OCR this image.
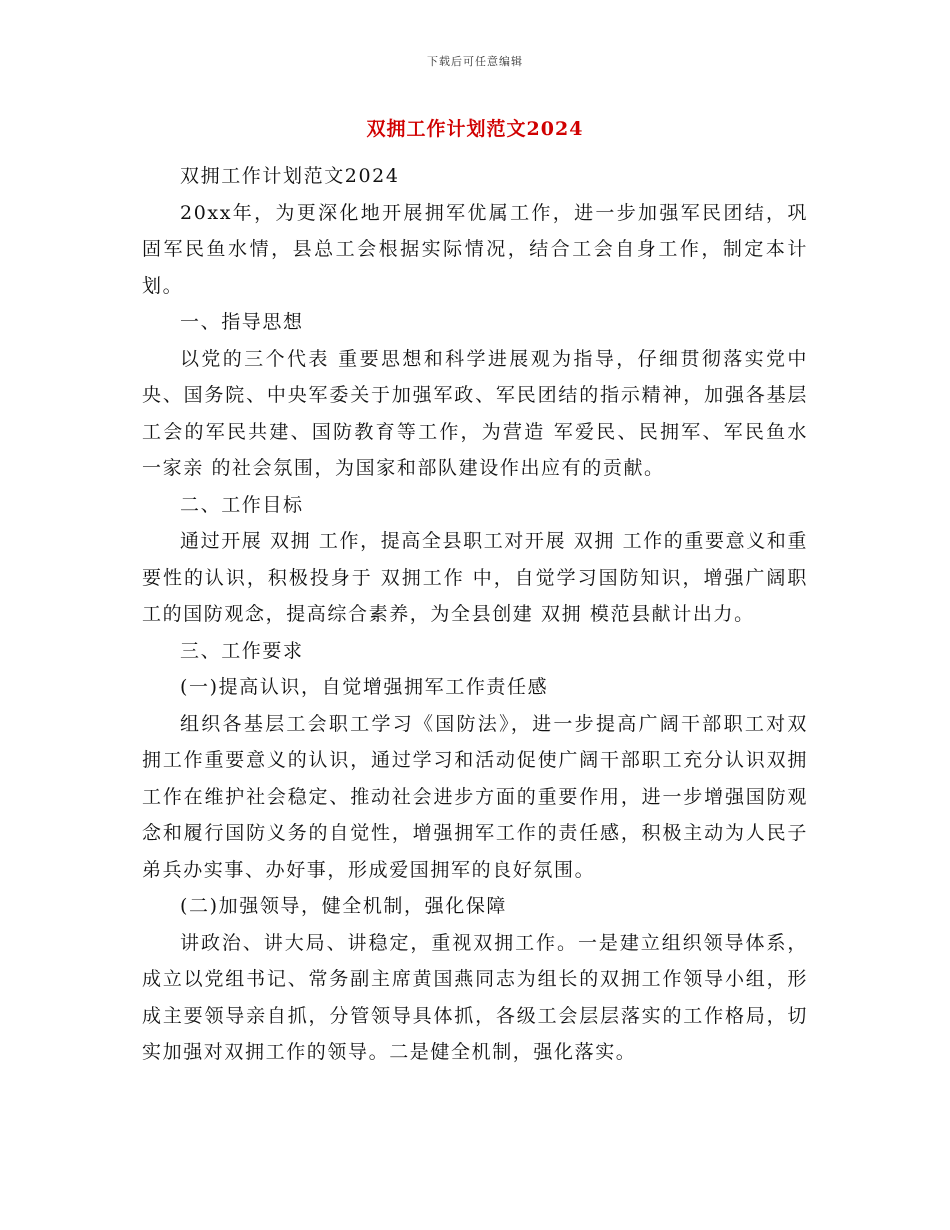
下载后可任意编辑
双拥工作计划范文2024

双拥工作计划范文2024

20xx年，为更深化地开展拥军优属工作，进一步加强军民团结，巩固军民鱼水情，县总工会根据实际情况，结合工会自身工作，制定本计划。

一、指导思想

以党的三个代表 重要思想和科学进展观为指导，仔细贯彻落实党中央、国务院、中央军委关于加强军政、军民团结的指示精神，加强各基层工会的军民共建、国防教育等工作，为营造 军爱民、民拥军、军民鱼水一家亲 的社会氛围，为国家和部队建设作出应有的贡献。

二、工作目标

通过开展 双拥 工作，提高全县职工对开展 双拥 工作的重要意义和重要性的认识，积极投身于 双拥工作 中，自觉学习国防知识，增强广阔职工的国防观念，提高综合素养，为全县创建 双拥 模范县献计出力。

三、工作要求

(一)提高认识，自觉增强拥军工作责任感

组织各基层工会职工学习《国防法》，进一步提高广阔干部职工对双拥工作重要意义的认识，通过学习和活动促使广阔干部职工充分认识双拥工作在维护社会稳定、推动社会进步方面的重要作用，进一步增强国防观念和履行国防义务的自觉性，增强拥军工作的责任感，积极主动为人民子弟兵办实事、办好事，形成爱国拥军的良好氛围。

(二)加强领导，健全机制，强化保障

讲政治、讲大局、讲稳定，重视双拥工作。一是建立组织领导体系，成立以党组书记、常务副主席黄国燕同志为组长的双拥工作领导小组，形成主要领导亲自抓，分管领导具体抓，各级工会层层落实的工作格局，切实加强对双拥工作的领导。二是健全机制，强化落实。
